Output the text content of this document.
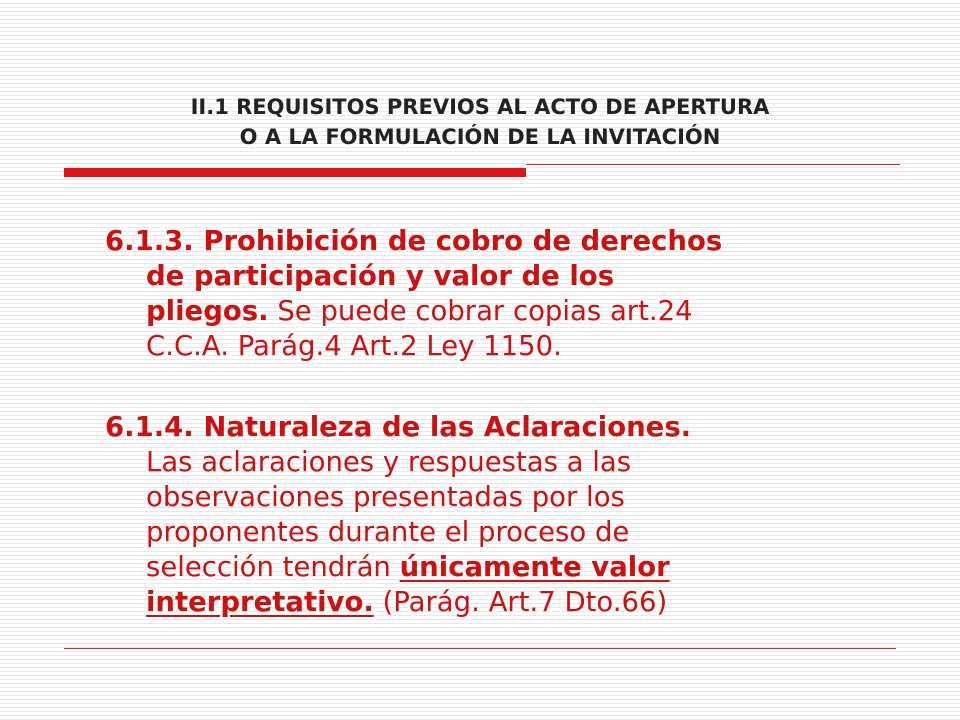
II.1 REQUISITOS PREVIOS AL ACTO DE APERTURA
O A LA FORMULACIÓN DE LA INVITACIÓN
6.1.3. Prohibición de cobro de derechos
de participación y valor de los
pliegos. Se puede cobrar copias art.24
C.C.A. Parág.4 Art.2 Ley 1150.
6.1.4. Naturaleza de las Aclaraciones.
Las aclaraciones y respuestas a las
observaciones presentadas por los
proponentes durante el proceso de
selección tendrán únicamente valor
interpretativo. (Parág. Art.7 Dto.66)
